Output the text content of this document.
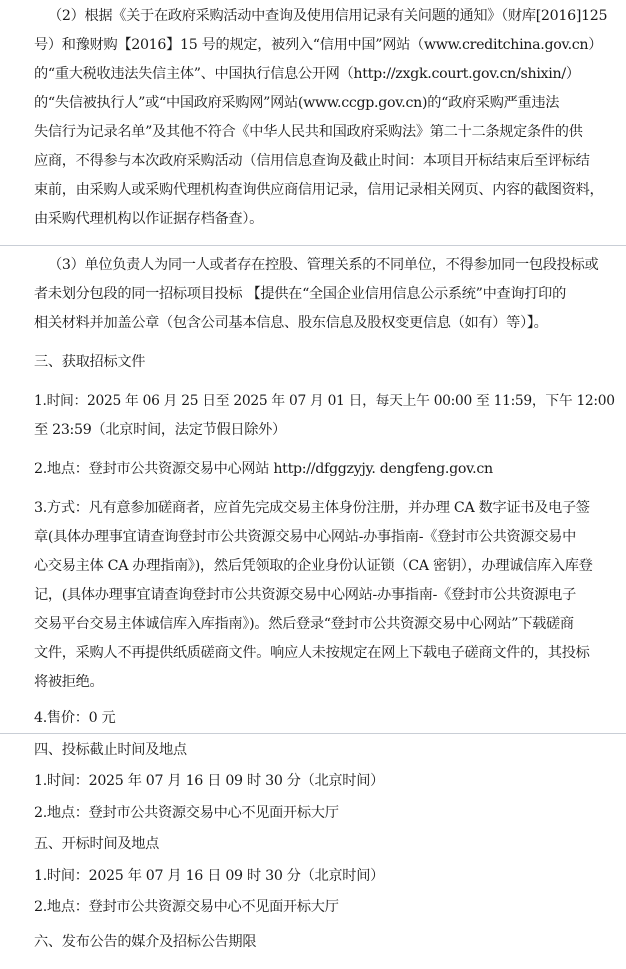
（2）根据《关于在政府采购活动中查询及使用信用记录有关问题的通知》（财库[2016]125
号）和豫财购【2016】15 号的规定，被列入“信用中国”网站（www.creditchina.gov.cn）
的“重大税收违法失信主体”、中国执行信息公开网（http://zxgk.court.gov.cn/shixin/）
的“失信被执行人”或“中国政府采购网”网站(www.ccgp.gov.cn)的“政府采购严重违法
失信行为记录名单”及其他不符合《中华人民共和国政府采购法》第二十二条规定条件的供
应商，不得参与本次政府采购活动（信用信息查询及截止时间：本项目开标结束后至评标结
束前，由采购人或采购代理机构查询供应商信用记录，信用记录相关网页、内容的截图资料，
由采购代理机构以作证据存档备查）。
（3）单位负责人为同一人或者存在控股、管理关系的不同单位，不得参加同一包段投标或
者未划分包段的同一招标项目投标 【提供在“全国企业信用信息公示系统”中查询打印的
相关材料并加盖公章（包含公司基本信息、股东信息及股权变更信息（如有）等）】。
三、获取招标文件
1.时间：2025 年 06 月 25 日至 2025 年 07 月 01 日，每天上午 00:00 至 11:59，下午 12:00
至 23:59（北京时间，法定节假日除外）
2.地点：登封市公共资源交易中心网站 http://dfggzyjy. dengfeng.gov.cn
3.方式：凡有意参加磋商者，应首先完成交易主体身份注册，并办理 CA 数字证书及电子签
章(具体办理事宜请查询登封市公共资源交易中心网站-办事指南-《登封市公共资源交易中
心交易主体 CA 办理指南》)，然后凭领取的企业身份认证锁（CA 密钥），办理诚信库入库登
记，(具体办理事宜请查询登封市公共资源交易中心网站-办事指南-《登封市公共资源电子
交易平台交易主体诚信库入库指南》)。然后登录“登封市公共资源交易中心网站”下载磋商
文件，采购人不再提供纸质磋商文件。响应人未按规定在网上下载电子磋商文件的，其投标
将被拒绝。
4.售价：0 元
四、投标截止时间及地点
1.时间：2025 年 07 月 16 日 09 时 30 分（北京时间）
2.地点：登封市公共资源交易中心不见面开标大厅
五、开标时间及地点
1.时间：2025 年 07 月 16 日 09 时 30 分（北京时间）
2.地点：登封市公共资源交易中心不见面开标大厅
六、发布公告的媒介及招标公告期限
